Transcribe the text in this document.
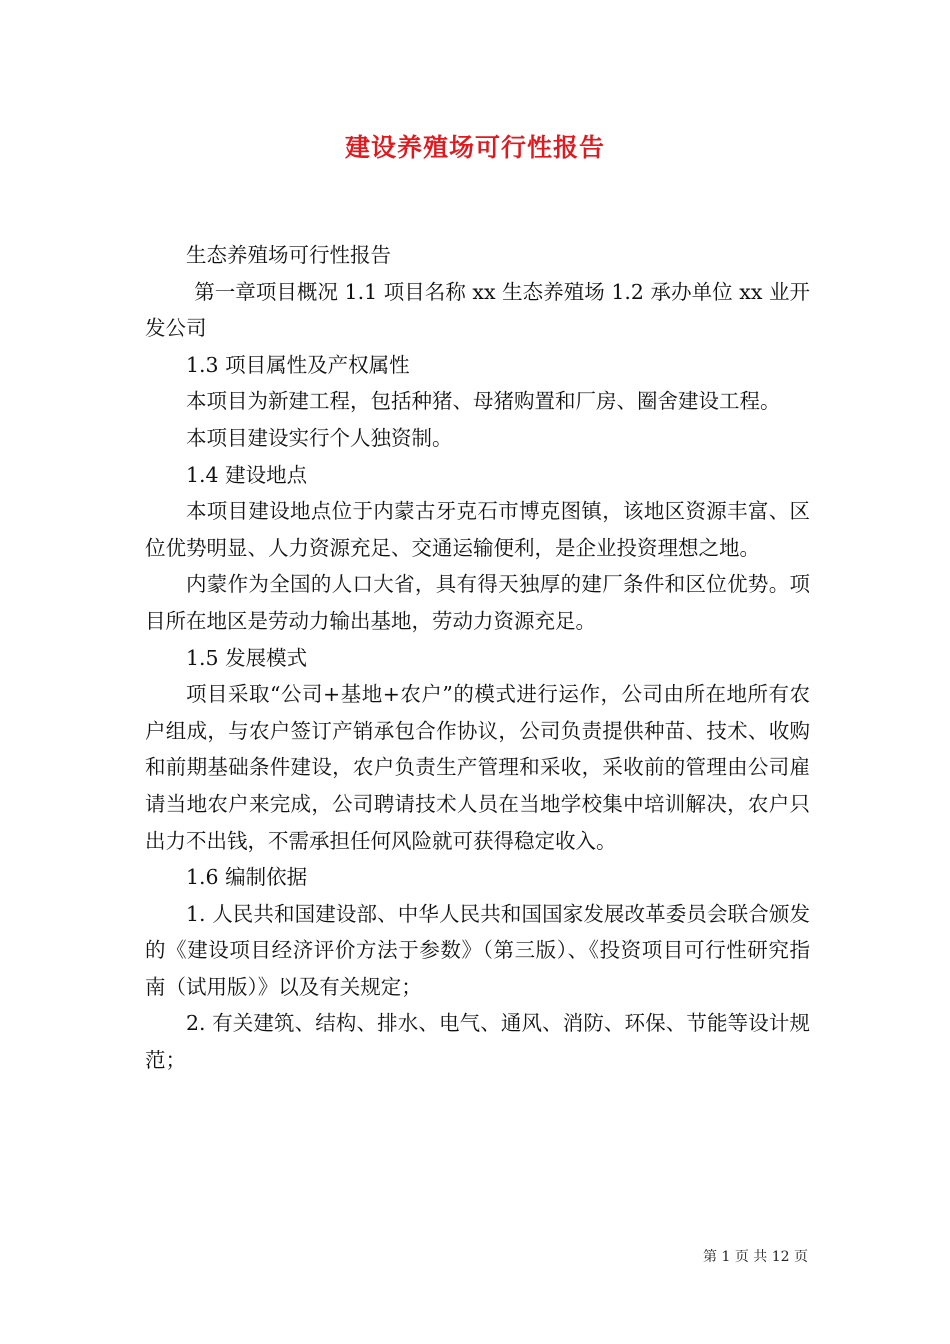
建设养殖场可行性报告

生态养殖场可行性报告

第一章项目概况 1.1 项目名称 xx 生态养殖场 1.2 承办单位 xx 业开发公司

1.3 项目属性及产权属性

本项目为新建工程，包括种猪、母猪购置和厂房、圈舍建设工程。

本项目建设实行个人独资制。

1.4 建设地点

本项目建设地点位于内蒙古牙克石市博克图镇，该地区资源丰富、区位优势明显、人力资源充足、交通运输便利，是企业投资理想之地。

内蒙作为全国的人口大省，具有得天独厚的建厂条件和区位优势。项目所在地区是劳动力输出基地，劳动力资源充足。

1.5 发展模式

项目采取“公司+基地+农户”的模式进行运作，公司由所在地所有农户组成，与农户签订产销承包合作协议，公司负责提供种苗、技术、收购和前期基础条件建设，农户负责生产管理和采收，采收前的管理由公司雇请当地农户来完成，公司聘请技术人员在当地学校集中培训解决，农户只出力不出钱，不需承担任何风险就可获得稳定收入。

1.6 编制依据

1. 人民共和国建设部、中华人民共和国国家发展改革委员会联合颁发的《建设项目经济评价方法于参数》（第三版）、《投资项目可行性研究指南（试用版）》以及有关规定；

2. 有关建筑、结构、排水、电气、通风、消防、环保、节能等设计规范；

第 1 页 共 12 页
